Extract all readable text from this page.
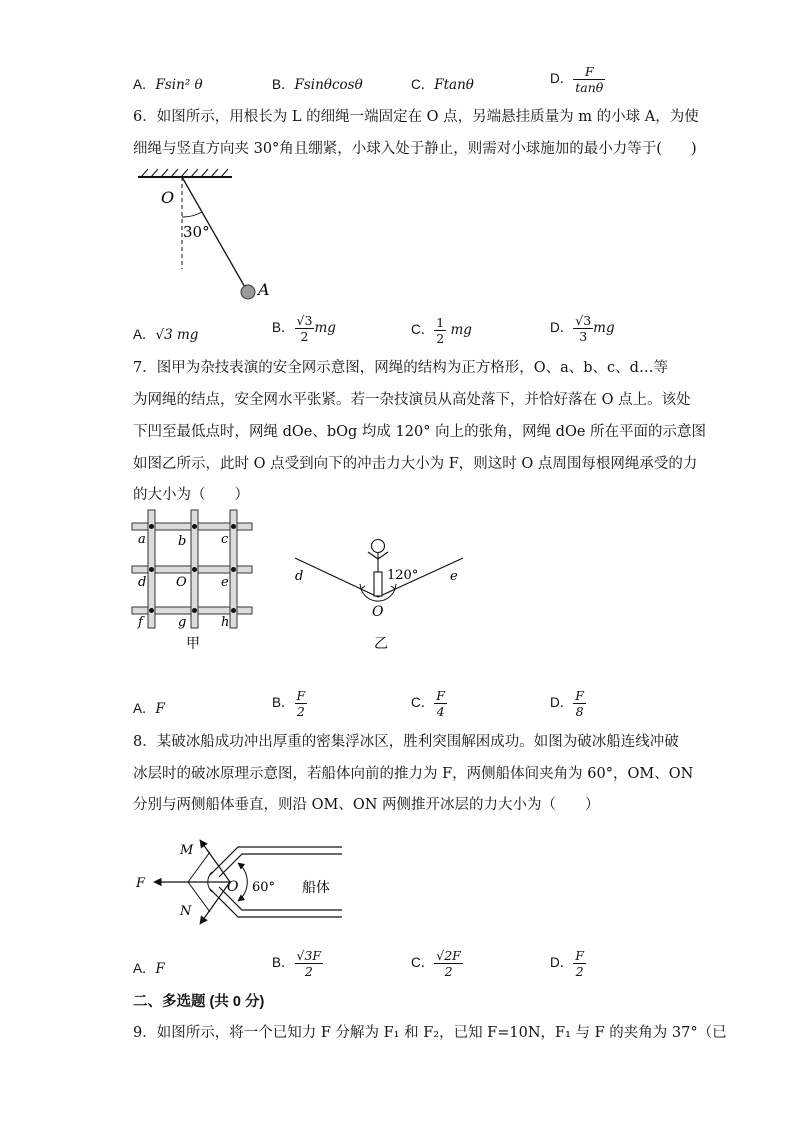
A．Fsin² θ	B．Fsinθcosθ	C．Ftanθ	D． $\frac{F}{\tan\theta}$
6．如图所示，用根长为 L 的细绳一端固定在 O 点，另端悬挂质量为 m 的小球 A，为使
细绳与竖直方向夹 30°角且绷紧，小球入处于静止，则需对小球施加的最小力等于(　　)
O
30°
A
A．√3 mg	B． $\frac{√3}{2}$ mg	C． $\frac{1}{2}$ mg	D． $\frac{√3}{3}$ mg
7．图甲为杂技表演的安全网示意图，网绳的结构为正方格形，O、a、b、c、d…等
为网绳的结点，安全网水平张紧。若一杂技演员从高处落下，并恰好落在 O 点上。该处
下凹至最低点时，网绳 dOe、bOg 均成 120° 向上的张角，网绳 dOe 所在平面的示意图
如图乙所示，此时 O 点受到向下的冲击力大小为 F，则这时 O 点周围每根网绳承受的力
的大小为（　　）
a b	c
d O	e
f	g	h
甲
d	e
120°
O
乙
A．F	B． $\frac{F}{2}$	C． $\frac{F}{4}$	D． $\frac{F}{8}$
8．某破冰船成功冲出厚重的密集浮冰区，胜利突围解困成功。如图为破冰船连线冲破
冰层时的破冰原理示意图，若船体向前的推力为 F，两侧船体间夹角为 60°，OM、ON
分别与两侧船体垂直，则沿 OM、ON 两侧推开冰层的力大小为（　　）
M
F	O
N
60° 船体
A．F	B． $\frac{√3F}{2}$	C． $\frac{√2F}{2}$	D． $\frac{F}{2}$
二、多选题 (共 0 分)
9．如图所示，将一个已知力 F 分解为 F₁ 和 F₂，已知 F=10N，F₁ 与 F 的夹角为 37°（已
